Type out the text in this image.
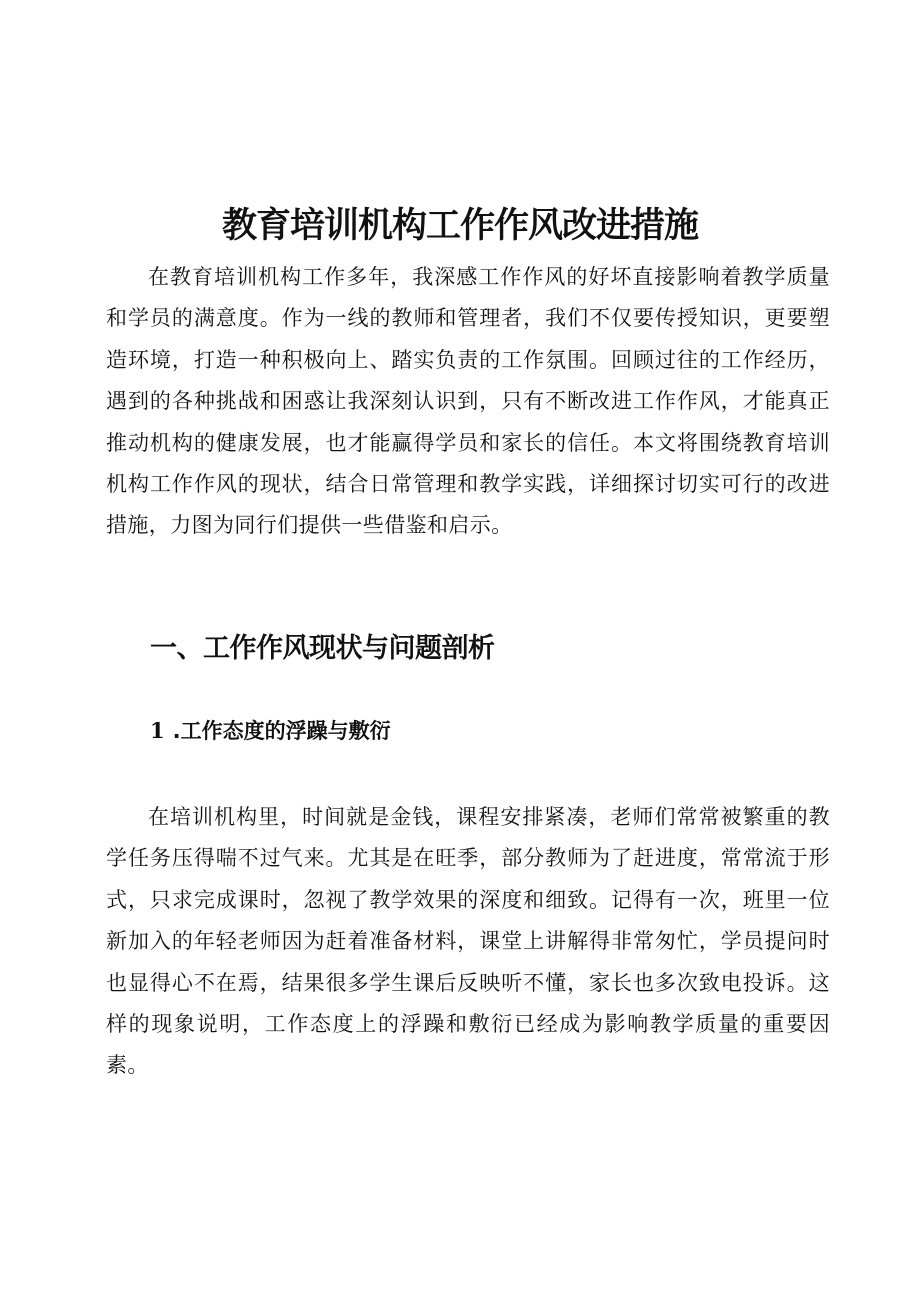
教育培训机构工作作风改进措施

在教育培训机构工作多年，我深感工作作风的好坏直接影响着教学质量和学员的满意度。作为一线的教师和管理者，我们不仅要传授知识，更要塑造环境，打造一种积极向上、踏实负责的工作氛围。回顾过往的工作经历，遇到的各种挑战和困惑让我深刻认识到，只有不断改进工作作风，才能真正推动机构的健康发展，也才能赢得学员和家长的信任。本文将围绕教育培训机构工作作风的现状，结合日常管理和教学实践，详细探讨切实可行的改进措施，力图为同行们提供一些借鉴和启示。

一、工作作风现状与问题剖析
1 .工作态度的浮躁与敷衍

在培训机构里，时间就是金钱，课程安排紧凑，老师们常常被繁重的教学任务压得喘不过气来。尤其是在旺季，部分教师为了赶进度，常常流于形式，只求完成课时，忽视了教学效果的深度和细致。记得有一次，班里一位新加入的年轻老师因为赶着准备材料，课堂上讲解得非常匆忙，学员提问时也显得心不在焉，结果很多学生课后反映听不懂，家长也多次致电投诉。这样的现象说明，工作态度上的浮躁和敷衍已经成为影响教学质量的重要因素。
